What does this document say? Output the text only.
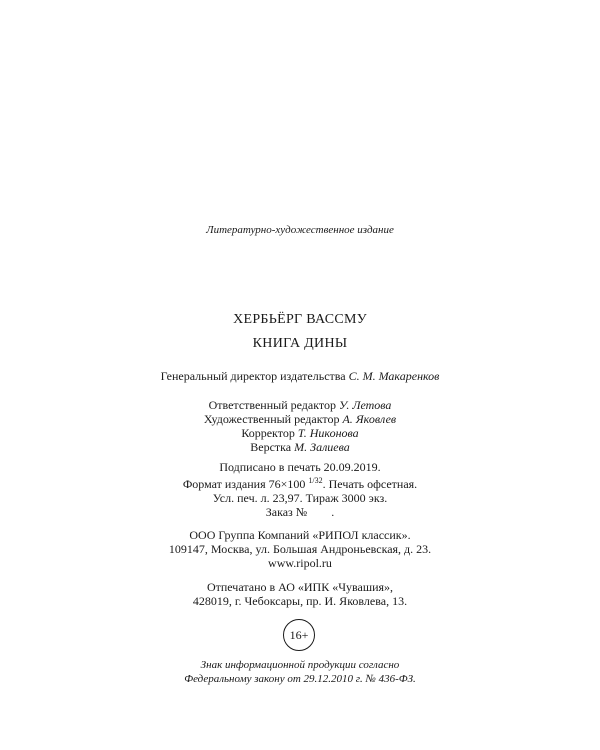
Литературно-художественное издание
ХЕРБЬЁРГ ВАССМУ
КНИГА ДИНЫ
Генеральный директор издательства С. М. Макаренков
Ответственный редактор У. Летова
Художественный редактор А. Яковлев
Корректор Т. Никонова
Верстка М. Залиева
Подписано в печать 20.09.2019.
Формат издания 76×100 $^{1/32}$. Печать офсетная.
Усл. печ. л. 23,97. Тираж 3000 экз.
Заказ №        .
ООО Группа Компаний «РИПОЛ классик».
109147, Москва, ул. Большая Андроньевская, д. 23.
www.ripol.ru
Отпечатано в АО «ИПК «Чувашия»,
428019, г. Чебоксары, пр. И. Яковлева, 13.
16+
Знак информационной продукции согласно
Федеральному закону от 29.12.2010 г. № 436-ФЗ.
